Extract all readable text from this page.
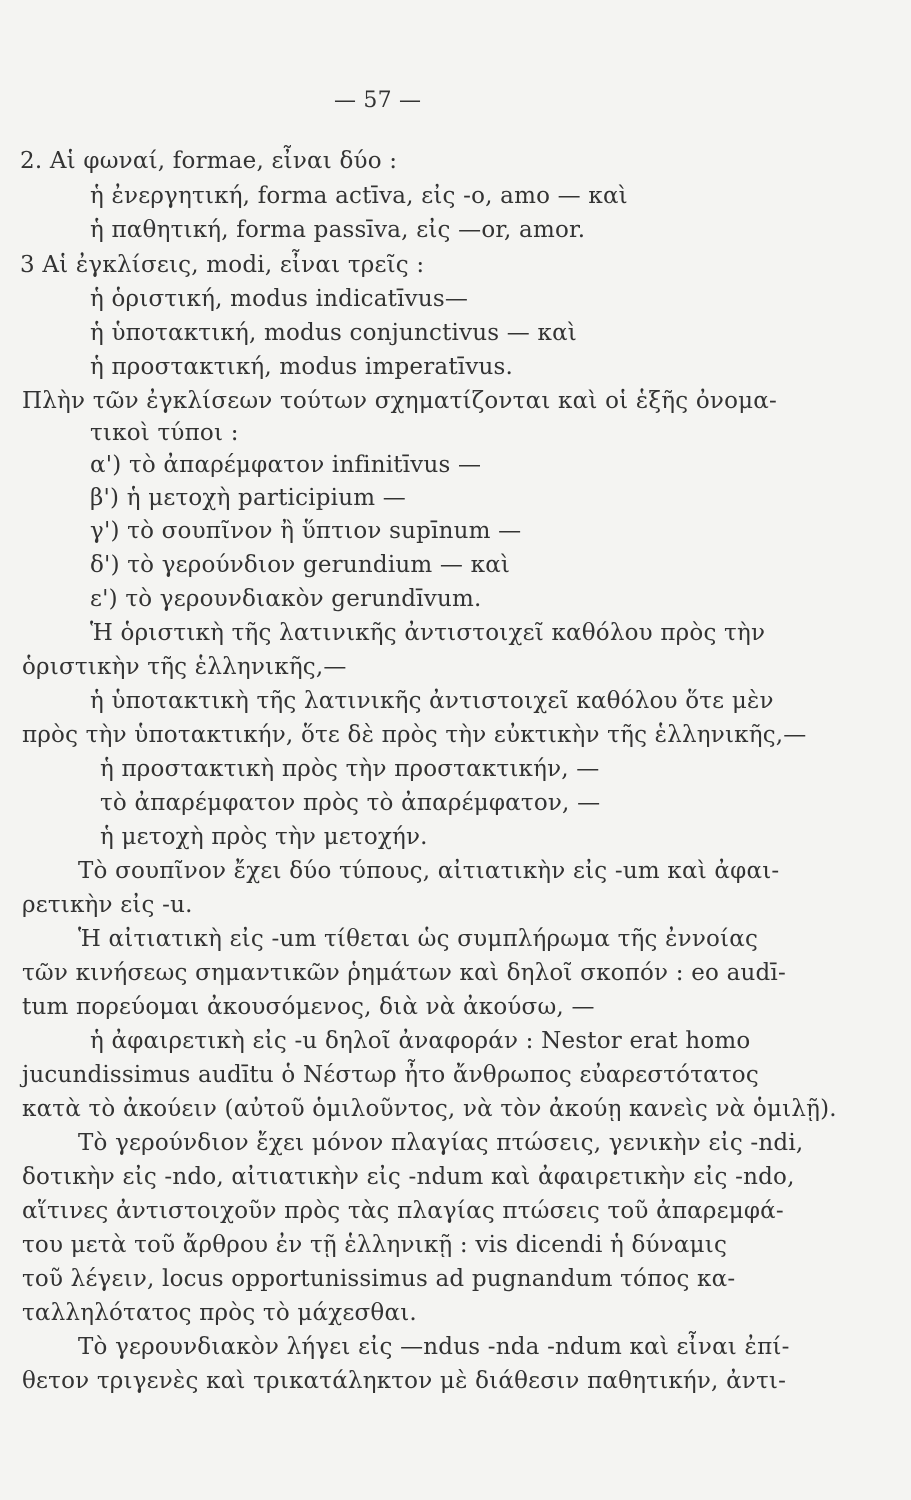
— 57 —
2. Αἱ φωναί, formae, εἶναι δύο :
ἡ ἐνεργητική, forma actīva, εἰς -o, amo — καὶ
ἡ παθητική, forma passīva, εἰς —or, amor.
3 Αἱ ἐγκλίσεις, modi, εἶναι τρεῖς :
ἡ ὁριστική, modus indicatīvus—
ἡ ὑποτακτική, modus conjunctivus — καὶ
ἡ προστακτική, modus imperatīvus.
Πλὴν τῶν ἐγκλίσεων τούτων σχηματίζονται καὶ οἱ ἑξῆς ὀνομα-
τικοὶ τύποι :
α') τὸ ἀπαρέμφατον infinitīvus —
β') ἡ μετοχὴ participium —
γ') τὸ σουπῖνον ἢ ὕπτιον supīnum —
δ') τὸ γερούνδιον gerundium — καὶ
ε') τὸ γερουνδιακὸν gerundīvum.
Ἡ ὁριστικὴ τῆς λατινικῆς ἀντιστοιχεῖ καθόλου πρὸς τὴν
ὁριστικὴν τῆς ἑλληνικῆς,—
ἡ ὑποτακτικὴ τῆς λατινικῆς ἀντιστοιχεῖ καθόλου ὅτε μὲν
πρὸς τὴν ὑποτακτικήν, ὅτε δὲ πρὸς τὴν εὐκτικὴν τῆς ἑλληνικῆς,—
ἡ προστακτικὴ πρὸς τὴν προστακτικήν, —
τὸ ἀπαρέμφατον πρὸς τὸ ἀπαρέμφατον, —
ἡ μετοχὴ πρὸς τὴν μετοχήν.
Τὸ σουπῖνον ἔχει δύο τύπους, αἰτιατικὴν εἰς -um καὶ ἀφαι-
ρετικὴν εἰς -u.
Ἡ αἰτιατικὴ εἰς -um τίθεται ὡς συμπλήρωμα τῆς ἐννοίας
τῶν κινήσεως σημαντικῶν ῥημάτων καὶ δηλοῖ σκοπόν : eo audī-
tum πορεύομαι ἀκουσόμενος, διὰ νὰ ἀκούσω, —
ἡ ἀφαιρετικὴ εἰς -u δηλοῖ ἀναφοράν : Nestor erat homo
jucundissimus audītu ὁ Νέστωρ ἦτο ἄνθρωπος εὐαρεστότατος
κατὰ τὸ ἀκούειν (αὐτοῦ ὁμιλοῦντος, νὰ τὸν ἀκούῃ κανεὶς νὰ ὁμιλῇ).
Τὸ γερούνδιον ἔχει μόνον πλαγίας πτώσεις, γενικὴν εἰς -ndi,
δοτικὴν εἰς -ndo, αἰτιατικὴν εἰς -ndum καὶ ἀφαιρετικὴν εἰς -ndo,
αἵτινες ἀντιστοιχοῦν πρὸς τὰς πλαγίας πτώσεις τοῦ ἀπαρεμφά-
του μετὰ τοῦ ἄρθρου ἐν τῇ ἑλληνικῇ : vis dicendi ἡ δύναμις
τοῦ λέγειν, locus opportunissimus ad pugnandum τόπος κα-
ταλληλότατος πρὸς τὸ μάχεσθαι.
Τὸ γερουνδιακὸν λήγει εἰς —ndus -nda -ndum καὶ εἶναι ἐπί-
θετον τριγενὲς καὶ τρικατάληκτον μὲ διάθεσιν παθητικήν, ἀντι-
